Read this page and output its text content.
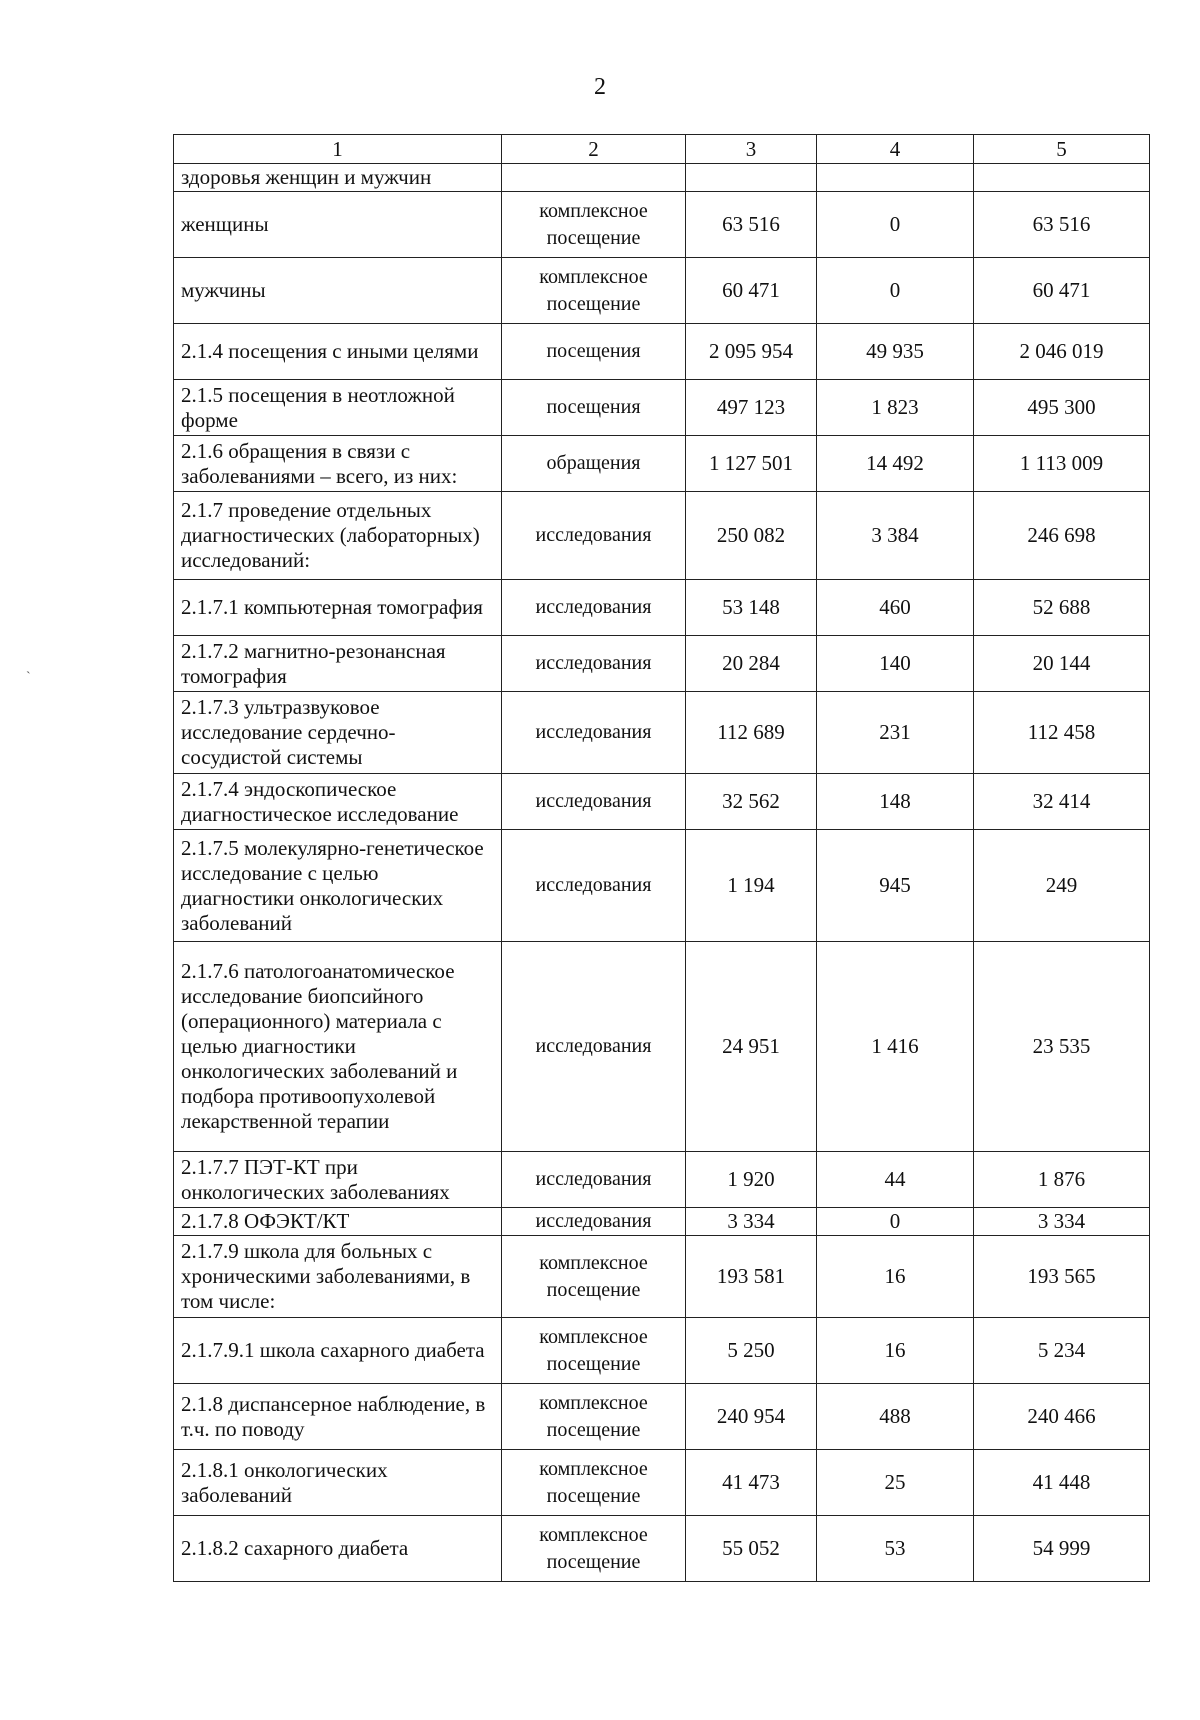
2
ˋ
1	2	3	4	5
здоровья женщин и мужчин				
женщины	комплексное посещение	63 516	0	63 516
мужчины	комплексное посещение	60 471	0	60 471
2.1.4 посещения с иными целями	посещения	2 095 954	49 935	2 046 019
2.1.5 посещения в неотложной форме	посещения	497 123	1 823	495 300
2.1.6 обращения в связи с заболеваниями – всего, из них:	обращения	1 127 501	14 492	1 113 009
2.1.7 проведение отдельных диагностических (лабораторных) исследований:	исследования	250 082	3 384	246 698
2.1.7.1 компьютерная томография	исследования	53 148	460	52 688
2.1.7.2 магнитно-резонансная томография	исследования	20 284	140	20 144
2.1.7.3 ультразвуковое исследование сердечно-сосудистой системы	исследования	112 689	231	112 458
2.1.7.4 эндоскопическое диагностическое исследование	исследования	32 562	148	32 414
2.1.7.5 молекулярно-генетическое исследование с целью диагностики онкологических заболеваний	исследования	1 194	945	249
2.1.7.6 патологоанатомическое исследование биопсийного (операционного) материала с целью диагностики онкологических заболеваний и подбора противоопухолевой лекарственной терапии	исследования	24 951	1 416	23 535
2.1.7.7 ПЭТ-КТ при онкологических заболеваниях	исследования	1 920	44	1 876
2.1.7.8 ОФЭКТ/КТ	исследования	3 334	0	3 334
2.1.7.9 школа для больных с хроническими заболеваниями, в том числе:	комплексное посещение	193 581	16	193 565
2.1.7.9.1 школа сахарного диабета	комплексное посещение	5 250	16	5 234
2.1.8 диспансерное наблюдение, в т.ч. по поводу	комплексное посещение	240 954	488	240 466
2.1.8.1 онкологических заболеваний	комплексное посещение	41 473	25	41 448
2.1.8.2 сахарного диабета	комплексное посещение	55 052	53	54 999
